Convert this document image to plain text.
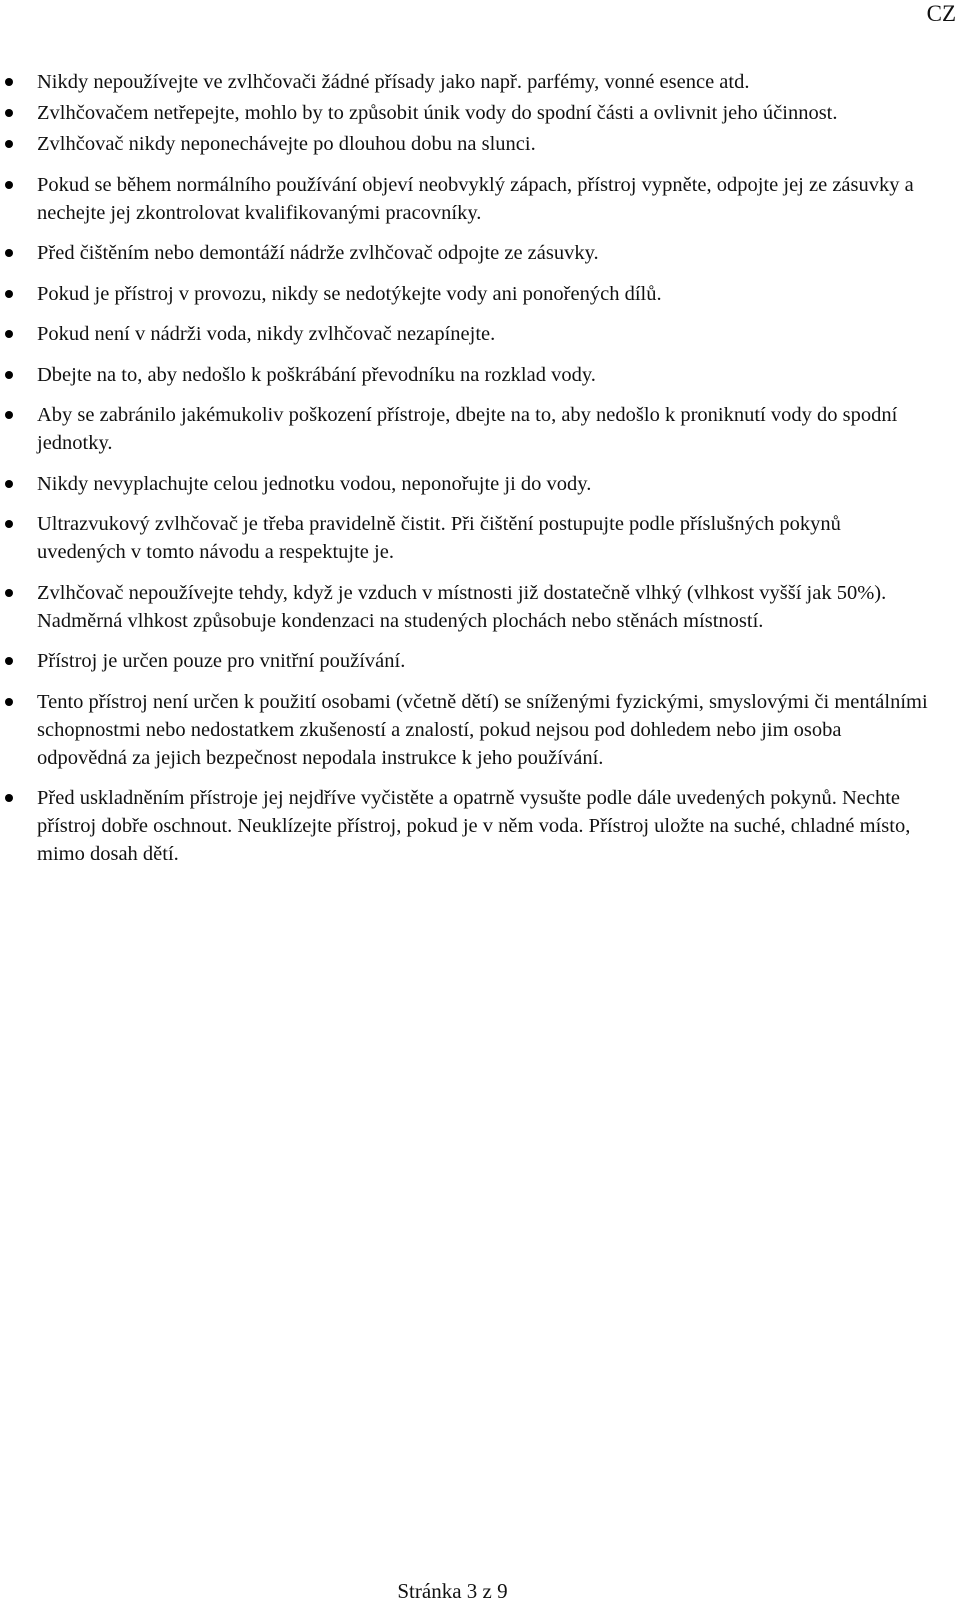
CZ
Nikdy nepoužívejte ve zvlhčovači žádné přísady jako např. parfémy, vonné esence atd.
Zvlhčovačem netřepejte, mohlo by to způsobit únik vody do spodní části a ovlivnit jeho účinnost.
Zvlhčovač nikdy neponechávejte po dlouhou dobu na slunci.
Pokud se během normálního používání objeví neobvyklý zápach, přístroj vypněte, odpojte jej ze zásuvky a nechejte jej zkontrolovat kvalifikovanými pracovníky.
Před čištěním nebo demontáží nádrže zvlhčovač odpojte ze zásuvky.
Pokud je přístroj v provozu, nikdy se nedotýkejte vody ani ponořených dílů.
Pokud není v nádrži voda, nikdy zvlhčovač nezapínejte.
Dbejte na to, aby nedošlo k poškrábání převodníku na rozklad vody.
Aby se zabránilo jakémukoliv poškození přístroje, dbejte na to, aby nedošlo k proniknutí vody do spodní jednotky.
Nikdy nevyplachujte celou jednotku vodou, neponořujte ji do vody.
Ultrazvukový zvlhčovač je třeba pravidelně čistit. Při čištění postupujte podle příslušných pokynů uvedených v tomto návodu a respektujte je.
Zvlhčovač nepoužívejte tehdy, když je vzduch v místnosti již dostatečně vlhký (vlhkost vyšší jak 50%). Nadměrná vlhkost způsobuje kondenzaci na studených plochách nebo stěnách místností.
Přístroj je určen pouze pro vnitřní používání.
Tento přístroj není určen k použití osobami (včetně dětí) se sníženými fyzickými, smyslovými či mentálními schopnostmi nebo nedostatkem zkušeností a znalostí, pokud nejsou pod dohledem nebo jim osoba odpovědná za jejich bezpečnost nepodala instrukce k jeho používání.
Před uskladněním přístroje jej nejdříve vyčistěte a opatrně vysušte podle dále uvedených pokynů. Nechte přístroj dobře oschnout. Neuklízejte přístroj, pokud je v něm voda. Přístroj uložte na suché, chladné místo, mimo dosah dětí.
Stránka 3 z 9
